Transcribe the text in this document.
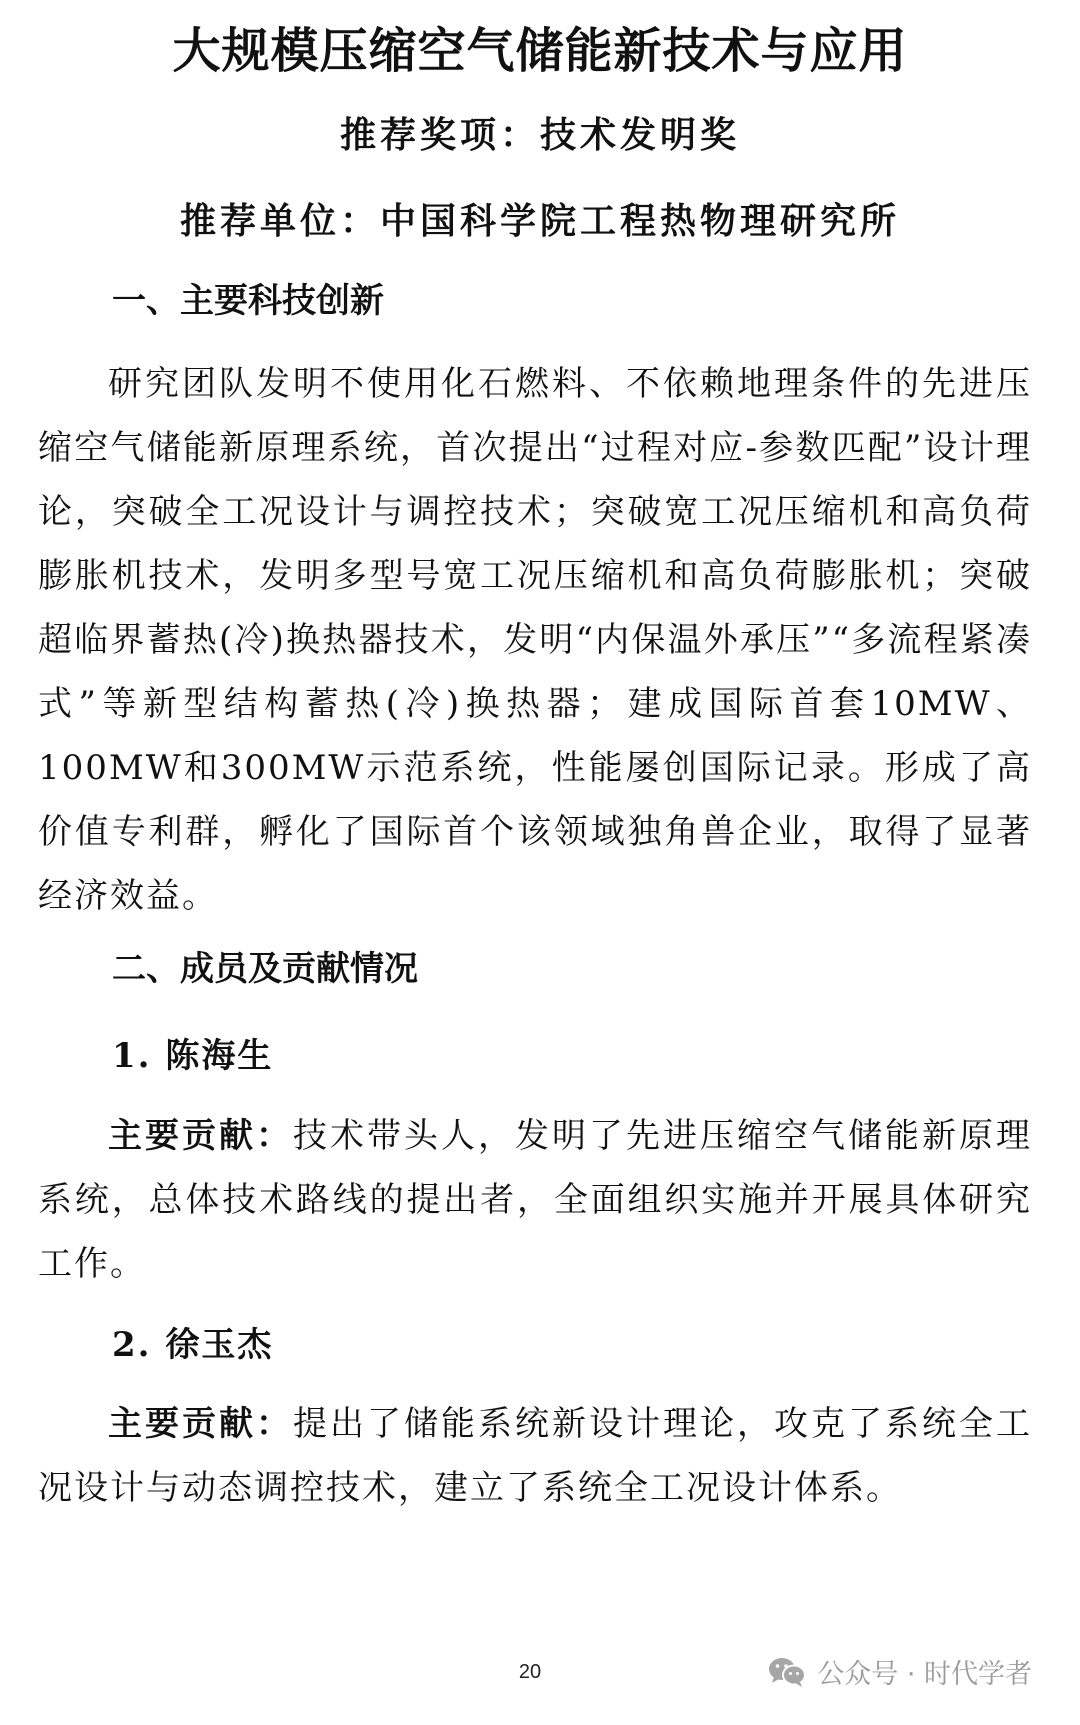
大规模压缩空气储能新技术与应用
推荐奖项：技术发明奖
推荐单位：中国科学院工程热物理研究所
一、主要科技创新

研究团队发明不使用化石燃料、不依赖地理条件的先进压缩空气储能新原理系统，首次提出“过程对应-参数匹配”设计理论，突破全工况设计与调控技术；突破宽工况压缩机和高负荷膨胀机技术，发明多型号宽工况压缩机和高负荷膨胀机；突破超临界蓄热(冷)换热器技术，发明“内保温外承压”“多流程紧凑式”等新型结构蓄热(冷)换热器；建成国际首套10MW、100MW和300MW示范系统，性能屡创国际记录。形成了高价值专利群，孵化了国际首个该领域独角兽企业，取得了显著经济效益。

二、成员及贡献情况
1. 陈海生

主要贡献：技术带头人，发明了先进压缩空气储能新原理系统，总体技术路线的提出者，全面组织实施并开展具体研究工作。

2. 徐玉杰

主要贡献：提出了储能系统新设计理论，攻克了系统全工况设计与动态调控技术，建立了系统全工况设计体系。

20	公众号 · 时代学者
